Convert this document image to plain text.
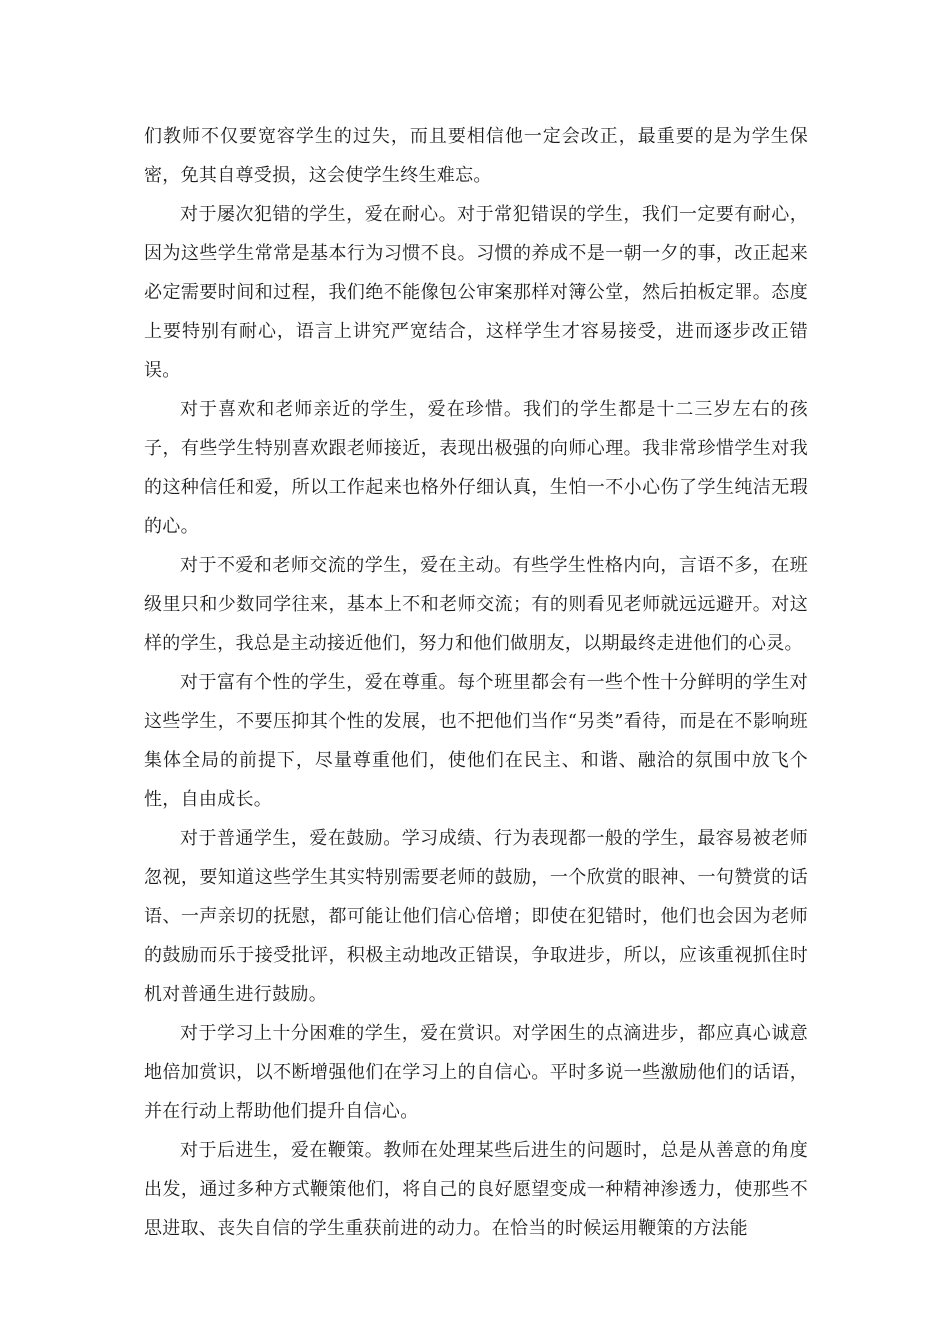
们教师不仅要宽容学生的过失，而且要相信他一定会改正，最重要的是为学生保密，免其自尊受损，这会使学生终生难忘。

对于屡次犯错的学生，爱在耐心。对于常犯错误的学生，我们一定要有耐心，因为这些学生常常是基本行为习惯不良。习惯的养成不是一朝一夕的事，改正起来必定需要时间和过程，我们绝不能像包公审案那样对簿公堂，然后拍板定罪。态度上要特别有耐心，语言上讲究严宽结合，这样学生才容易接受，进而逐步改正错误。

对于喜欢和老师亲近的学生，爱在珍惜。我们的学生都是十二三岁左右的孩子，有些学生特别喜欢跟老师接近，表现出极强的向师心理。我非常珍惜学生对我的这种信任和爱，所以工作起来也格外仔细认真，生怕一不小心伤了学生纯洁无瑕的心。

对于不爱和老师交流的学生，爱在主动。有些学生性格内向，言语不多，在班级里只和少数同学往来，基本上不和老师交流；有的则看见老师就远远避开。对这样的学生，我总是主动接近他们，努力和他们做朋友，以期最终走进他们的心灵。

对于富有个性的学生，爱在尊重。每个班里都会有一些个性十分鲜明的学生对这些学生，不要压抑其个性的发展，也不把他们当作“另类”看待，而是在不影响班集体全局的前提下，尽量尊重他们，使他们在民主、和谐、融洽的氛围中放飞个性，自由成长。

对于普通学生，爱在鼓励。学习成绩、行为表现都一般的学生，最容易被老师忽视，要知道这些学生其实特别需要老师的鼓励，一个欣赏的眼神、一句赞赏的话语、一声亲切的抚慰，都可能让他们信心倍增；即使在犯错时，他们也会因为老师的鼓励而乐于接受批评，积极主动地改正错误，争取进步，所以，应该重视抓住时机对普通生进行鼓励。

对于学习上十分困难的学生，爱在赏识。对学困生的点滴进步，都应真心诚意地倍加赏识，以不断增强他们在学习上的自信心。平时多说一些激励他们的话语，并在行动上帮助他们提升自信心。

对于后进生，爱在鞭策。教师在处理某些后进生的问题时，总是从善意的角度出发，通过多种方式鞭策他们，将自己的良好愿望变成一种精神渗透力，使那些不思进取、丧失自信的学生重获前进的动力。在恰当的时候运用鞭策的方法能
